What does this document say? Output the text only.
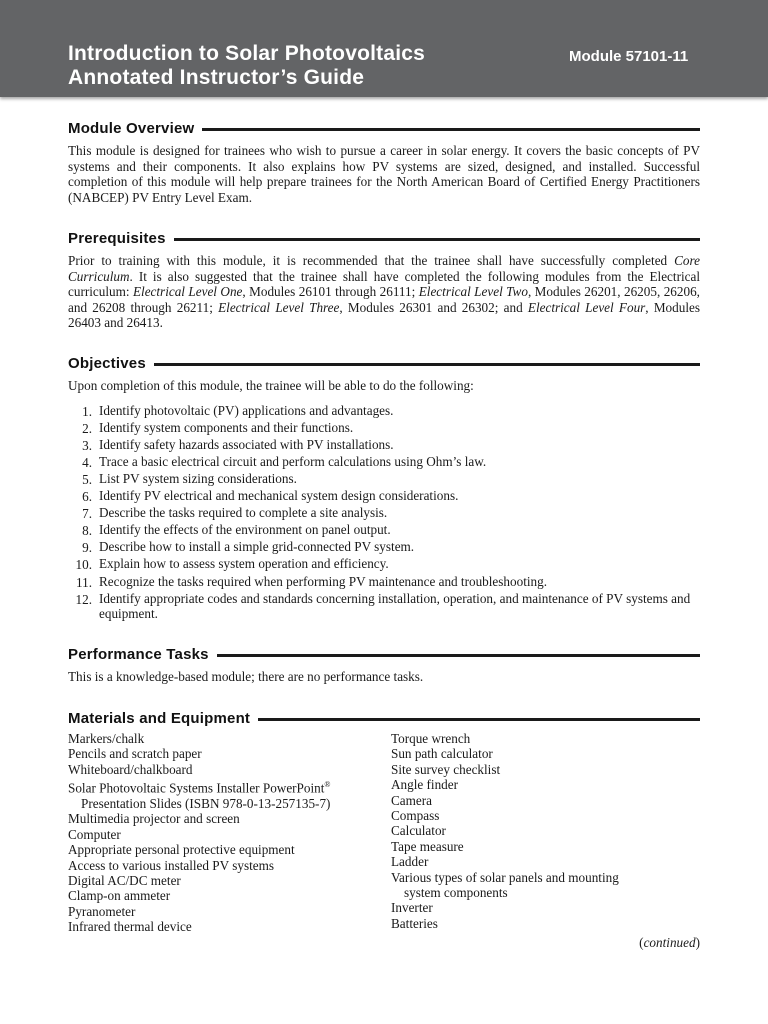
Introduction to Solar Photovoltaics
Annotated Instructor’s Guide
Module 57101-11
Module Overview

This module is designed for trainees who wish to pursue a career in solar energy. It covers the basic concepts of PV systems and their components. It also explains how PV systems are sized, designed, and installed. Successful completion of this module will help prepare trainees for the North American Board of Certified Energy Practitioners (NABCEP) PV Entry Level Exam.

Prerequisites

Prior to training with this module, it is recommended that the trainee shall have successfully completed Core Curriculum. It is also suggested that the trainee shall have completed the following modules from the Electrical curriculum: Electrical Level One, Modules 26101 through 26111; Electrical Level Two, Modules 26201, 26205, 26206, and 26208 through 26211; Electrical Level Three, Modules 26301 and 26302; and Electrical Level Four, Modules 26403 and 26413.

Objectives

Upon completion of this module, the trainee will be able to do the following:

1. Identify photovoltaic (PV) applications and advantages.
2. Identify system components and their functions.
3. Identify safety hazards associated with PV installations.
4. Trace a basic electrical circuit and perform calculations using Ohm’s law.
5. List PV system sizing considerations.
6. Identify PV electrical and mechanical system design considerations.
7. Describe the tasks required to complete a site analysis.
8. Identify the effects of the environment on panel output.
9. Describe how to install a simple grid-connected PV system.
10. Explain how to assess system operation and efficiency.
11. Recognize the tasks required when performing PV maintenance and troubleshooting.
12. Identify appropriate codes and standards concerning installation, operation, and maintenance of PV systems and equipment.
Performance Tasks

This is a knowledge-based module; there are no performance tasks.

Materials and Equipment
Markers/chalk
Pencils and scratch paper
Whiteboard/chalkboard
Solar Photovoltaic Systems Installer PowerPoint®
Presentation Slides (ISBN 978-0-13-257135-7)
Multimedia projector and screen
Computer
Appropriate personal protective equipment
Access to various installed PV systems
Digital AC/DC meter
Clamp-on ammeter
Pyranometer
Infrared thermal device
Torque wrench
Sun path calculator
Site survey checklist
Angle finder
Camera
Compass
Calculator
Tape measure
Ladder
Various types of solar panels and mounting
system components
Inverter
Batteries
(continued)
